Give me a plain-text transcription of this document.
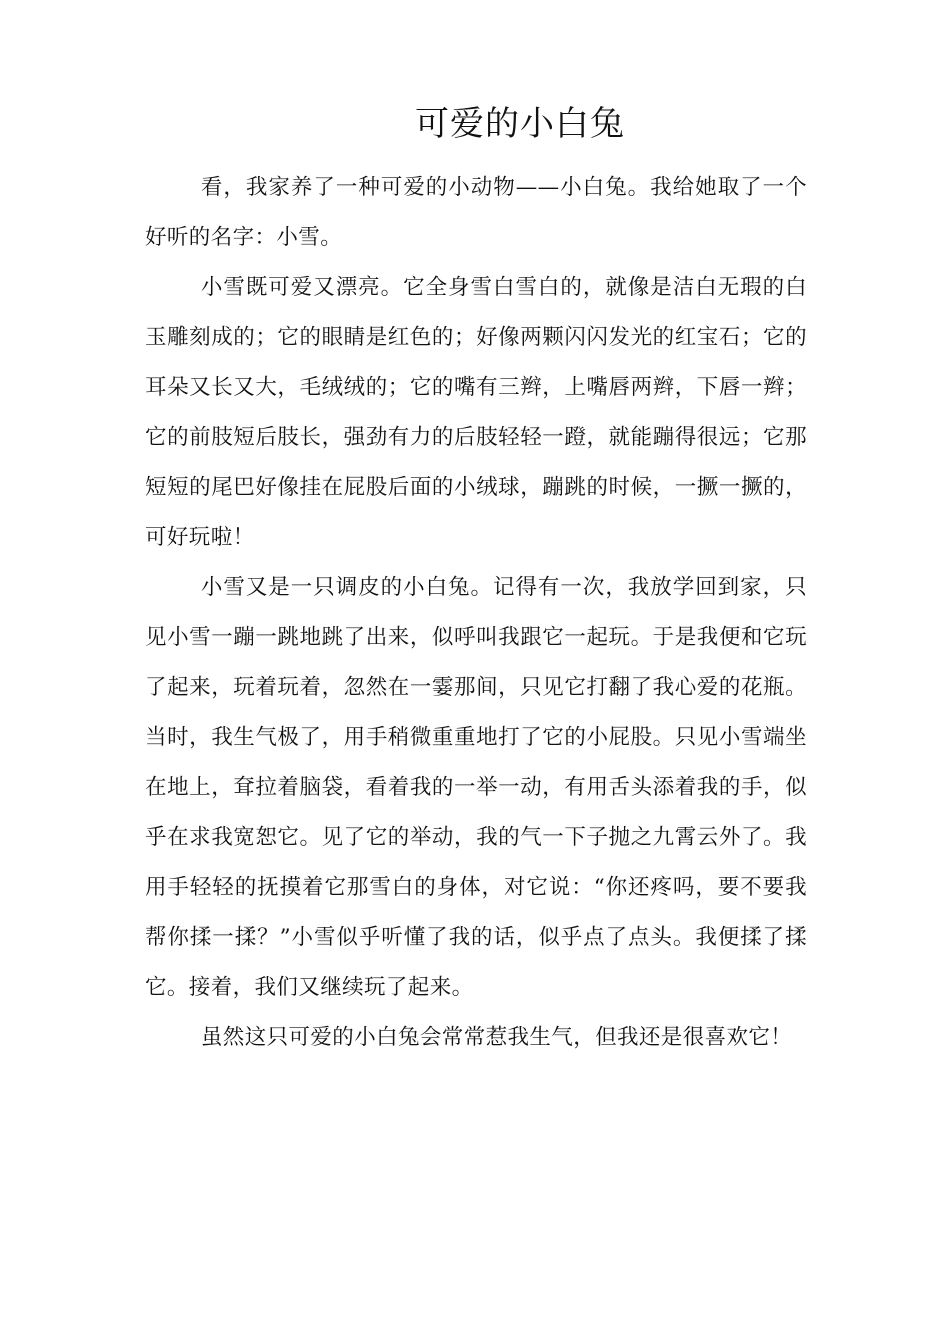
可爱的小白兔

看，我家养了一种可爱的小动物——小白兔。我给她取了一个好听的名字：小雪。

小雪既可爱又漂亮。它全身雪白雪白的，就像是洁白无瑕的白玉雕刻成的；它的眼睛是红色的；好像两颗闪闪发光的红宝石；它的耳朵又长又大，毛绒绒的；它的嘴有三辫，上嘴唇两辫，下唇一辫；它的前肢短后肢长，强劲有力的后肢轻轻一蹬，就能蹦得很远；它那短短的尾巴好像挂在屁股后面的小绒球，蹦跳的时候，一撅一撅的，可好玩啦！

小雪又是一只调皮的小白兔。记得有一次，我放学回到家，只见小雪一蹦一跳地跳了出来，似呼叫我跟它一起玩。于是我便和它玩了起来，玩着玩着，忽然在一霎那间，只见它打翻了我心爱的花瓶。当时，我生气极了，用手稍微重重地打了它的小屁股。只见小雪端坐在地上，耷拉着脑袋，看着我的一举一动，有用舌头添着我的手，似乎在求我宽恕它。见了它的举动，我的气一下子抛之九霄云外了。我用手轻轻的抚摸着它那雪白的身体，对它说：“你还疼吗，要不要我帮你揉一揉？”小雪似乎听懂了我的话，似乎点了点头。我便揉了揉它。接着，我们又继续玩了起来。

虽然这只可爱的小白兔会常常惹我生气，但我还是很喜欢它！
